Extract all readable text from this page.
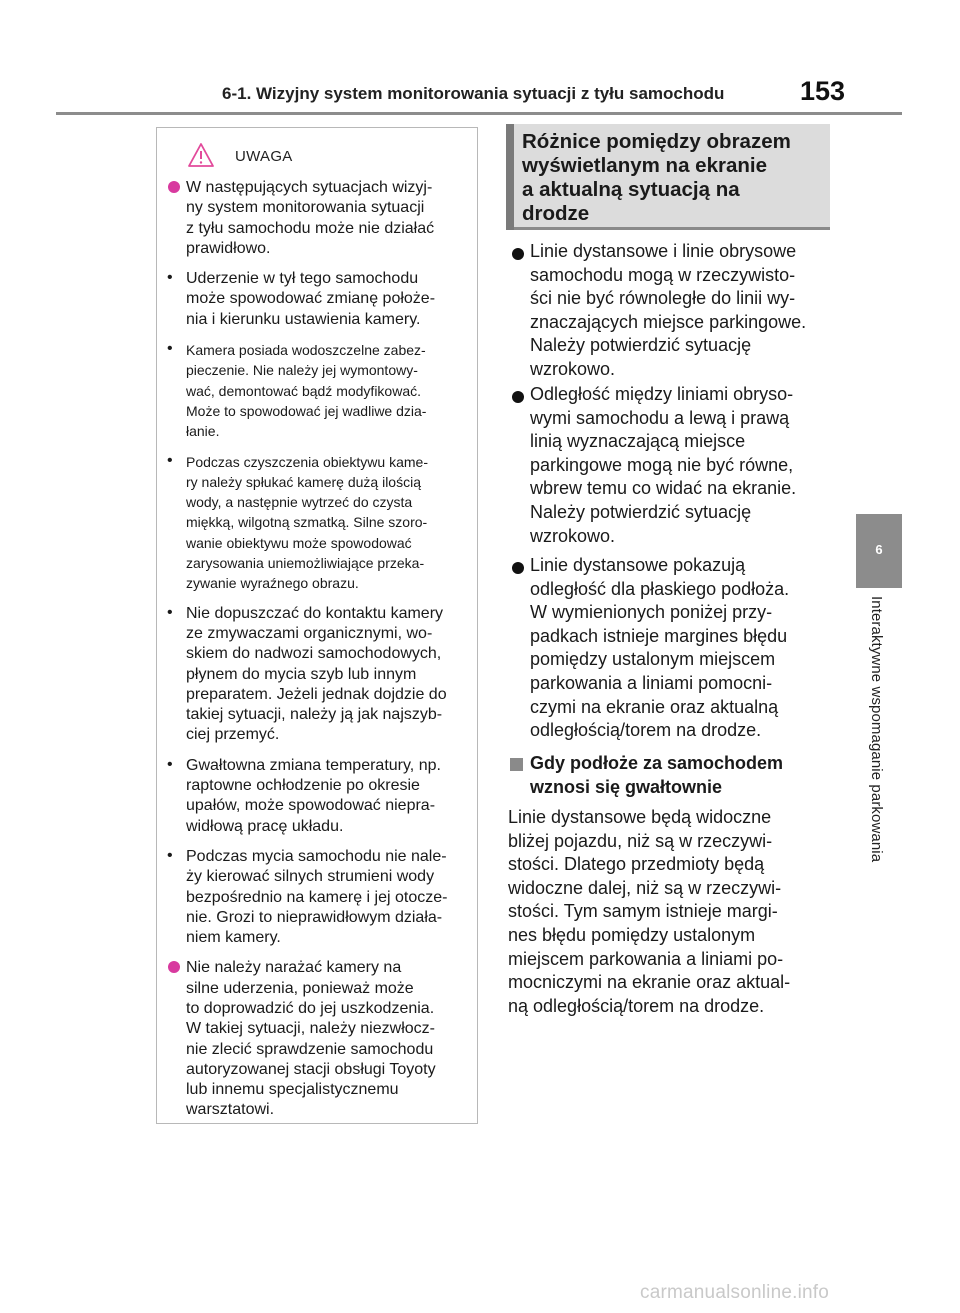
6-1. Wizyjny system monitorowania sytuacji z tyłu samochodu	153
6
Interaktywne wspomaganie parkowania
UWAGA
W następujących sytuacjach wizyj-
ny system monitorowania sytuacji
z tyłu samochodu może nie działać
prawidłowo.
• Uderzenie w tył tego samochodu
może spowodować zmianę położe-
nia i kierunku ustawienia kamery.
• Kamera posiada wodoszczelne zabez-
pieczenie. Nie należy jej wymontowy-
wać, demontować bądź modyfikować.
Może to spowodować jej wadliwe dzia-
łanie.
• Podczas czyszczenia obiektywu kame-
ry należy spłukać kamerę dużą ilością
wody, a następnie wytrzeć do czysta
miękką, wilgotną szmatką. Silne szoro-
wanie obiektywu może spowodować
zarysowania uniemożliwiające przeka-
zywanie wyraźnego obrazu.
• Nie dopuszczać do kontaktu kamery
ze zmywaczami organicznymi, wo-
skiem do nadwozi samochodowych,
płynem do mycia szyb lub innym
preparatem. Jeżeli jednak dojdzie do
takiej sytuacji, należy ją jak najszyb-
ciej przemyć.
• Gwałtowna zmiana temperatury, np.
raptowne ochłodzenie po okresie
upałów, może spowodować niepra-
widłową pracę układu.
• Podczas mycia samochodu nie nale-
ży kierować silnych strumieni wody
bezpośrednio na kamerę i jej otocze-
nie. Grozi to nieprawidłowym działa-
niem kamery.
Nie należy narażać kamery na
silne uderzenia, ponieważ może
to doprowadzić do jej uszkodzenia.
W takiej sytuacji, należy niezwłocz-
nie zlecić sprawdzenie samochodu
autoryzowanej stacji obsługi Toyoty
lub innemu specjalistycznemu
warsztatowi.
Różnice pomiędzy obrazem
wyświetlanym na ekranie
a aktualną sytuacją na
drodze
Linie dystansowe i linie obrysowe
samochodu mogą w rzeczywisto-
ści nie być równoległe do linii wy-
znaczających miejsce parkingowe.
Należy potwierdzić sytuację
wzrokowo.
Odległość między liniami obryso-
wymi samochodu a lewą i prawą
linią wyznaczającą miejsce
parkingowe mogą nie być równe,
wbrew temu co widać na ekranie.
Należy potwierdzić sytuację
wzrokowo.
Linie dystansowe pokazują
odległość dla płaskiego podłoża.
W wymienionych poniżej przy-
padkach istnieje margines błędu
pomiędzy ustalonym miejscem
parkowania a liniami pomocni-
czymi na ekranie oraz aktualną
odległością/torem na drodze.
Gdy podłoże za samochodem
wznosi się gwałtownie
Linie dystansowe będą widoczne
bliżej pojazdu, niż są w rzeczywi-
stości. Dlatego przedmioty będą
widoczne dalej, niż są w rzeczywi-
stości. Tym samym istnieje margi-
nes błędu pomiędzy ustalonym
miejscem parkowania a liniami po-
mocniczymi na ekranie oraz aktual-
ną odległością/torem na drodze.
carmanualsonline.info
